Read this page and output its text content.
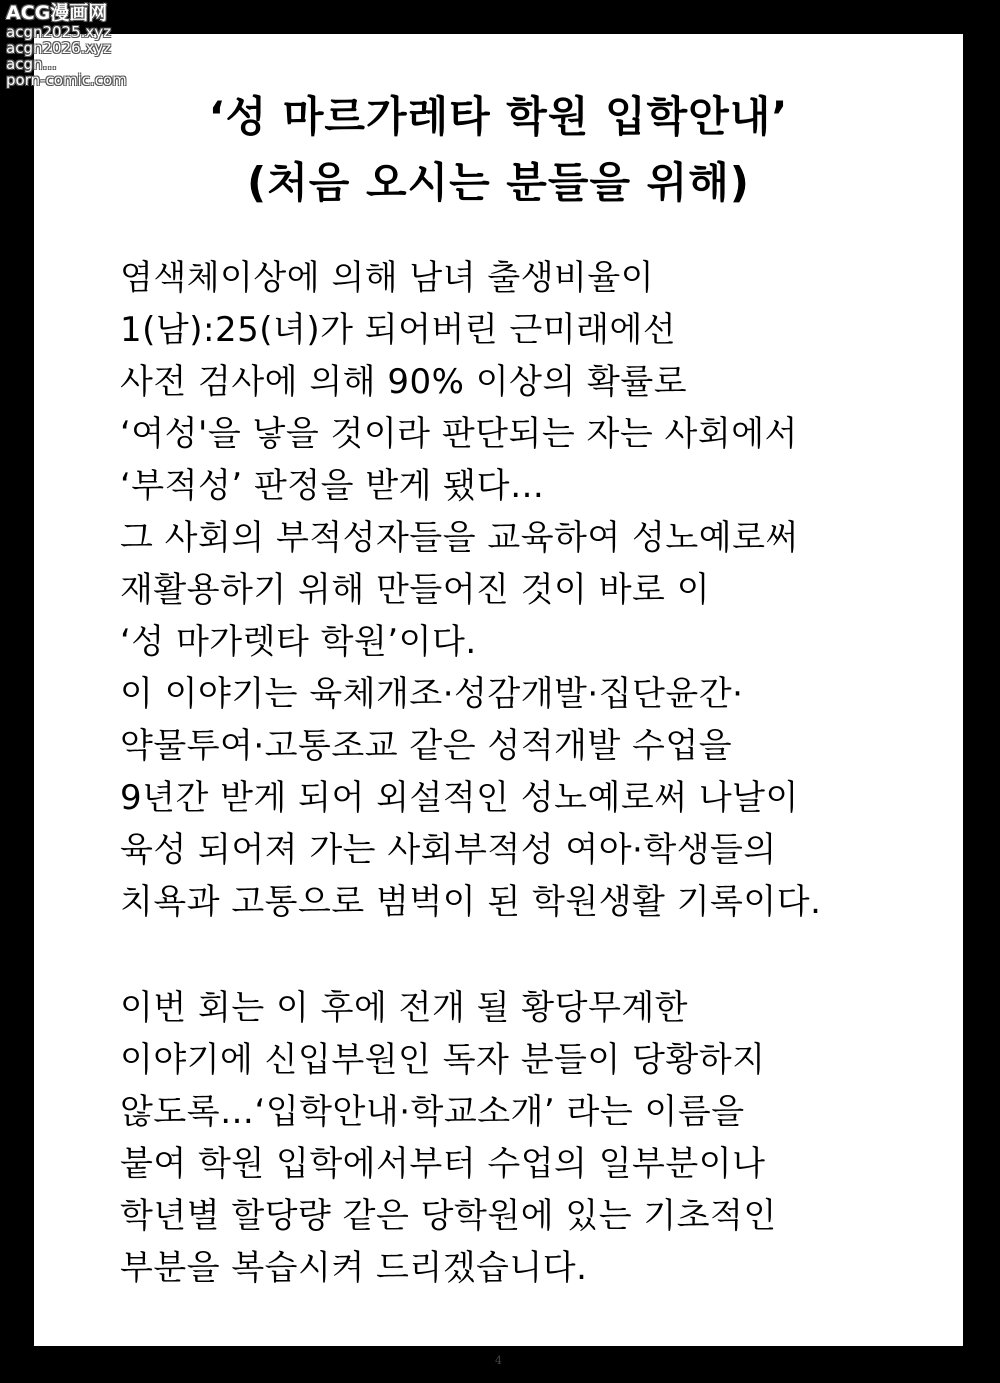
ACG漫画网
acgn2025.xyz
acgn2026.xyz
acgn...
porn-comic.com
‘성 마르가레타 학원 입학안내’
(처음 오시는 분들을 위해)
염색체이상에 의해 남녀 출생비율이
1(남):25(녀)가 되어버린 근미래에선
사전 검사에 의해 90% 이상의 확률로
‘여성'을 낳을 것이라 판단되는 자는 사회에서
‘부적성’ 판정을 받게 됐다…
그 사회의 부적성자들을 교육하여 성노예로써
재활용하기 위해 만들어진 것이 바로 이
‘성 마가렛타 학원’이다.
이 이야기는 육체개조·성감개발·집단윤간·
약물투여·고통조교 같은 성적개발 수업을
9년간 받게 되어 외설적인 성노예로써 나날이
육성 되어져 가는 사회부적성 여아·학생들의
치욕과 고통으로 범벅이 된 학원생활 기록이다.
이번 회는 이 후에 전개 될 황당무계한
이야기에 신입부원인 독자 분들이 당황하지
않도록…‘입학안내·학교소개’ 라는 이름을
붙여 학원 입학에서부터 수업의 일부분이나
학년별 할당량 같은 당학원에 있는 기초적인
부분을 복습시켜 드리겠습니다.
4
